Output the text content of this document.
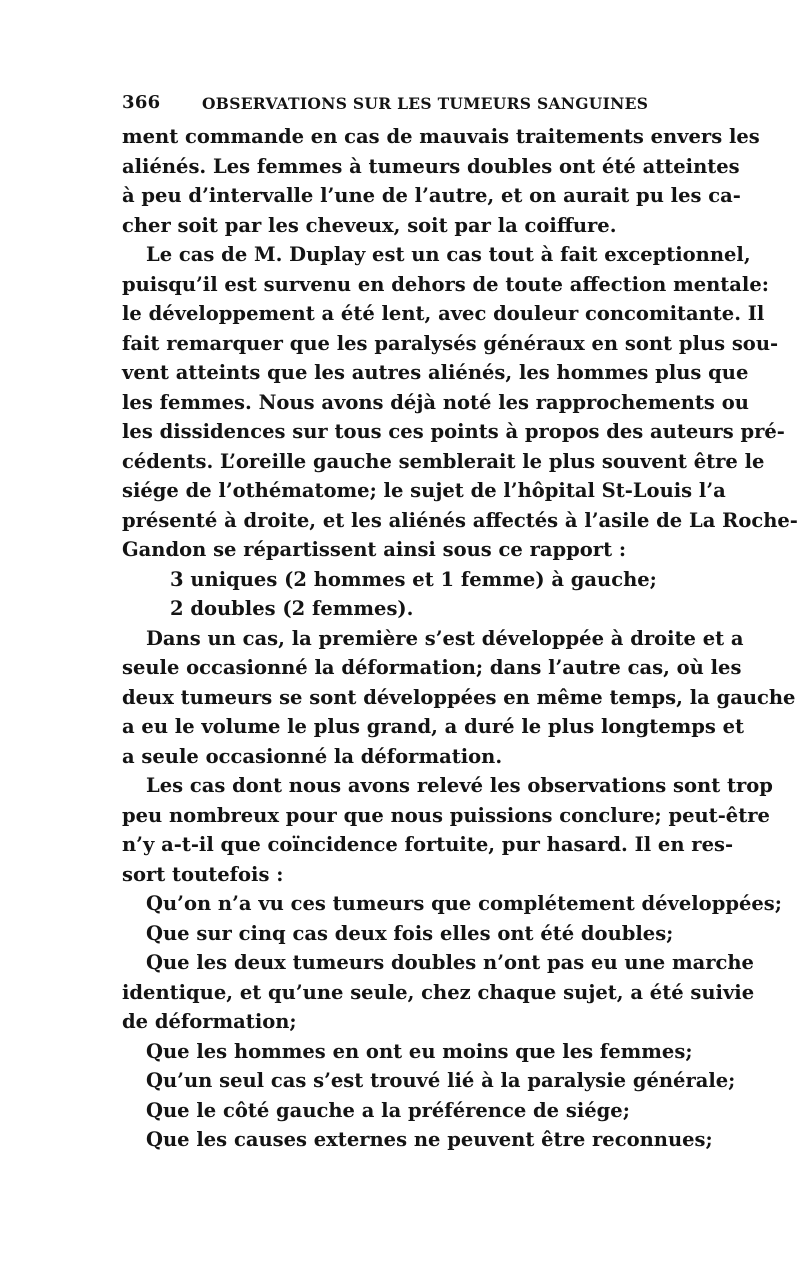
366	OBSERVATIONS SUR LES TUMEURS SANGUINES
ment commande en cas de mauvais traitements envers les
aliénés. Les femmes à tumeurs doubles ont été atteintes
à peu d’intervalle l’une de l’autre, et on aurait pu les ca-
cher soit par les cheveux, soit par la coiffure.
Le cas de M. Duplay est un cas tout à fait exceptionnel,
puisqu’il est survenu en dehors de toute affection mentale:
le développement a été lent, avec douleur concomitante. Il
fait remarquer que les paralysés généraux en sont plus sou-
vent atteints que les autres aliénés, les hommes plus que
les femmes. Nous avons déjà noté les rapprochements ou
les dissidences sur tous ces points à propos des auteurs pré-
cédents. L’oreille gauche semblerait le plus souvent être le
siége de l’othématome; le sujet de l’hôpital St-Louis l’a
présenté à droite, et les aliénés affectés à l’asile de La Roche-
Gandon se répartissent ainsi sous ce rapport :
3 uniques (2 hommes et 1 femme) à gauche;
2 doubles (2 femmes).
Dans un cas, la première s’est développée à droite et a
seule occasionné la déformation; dans l’autre cas, où les
deux tumeurs se sont développées en même temps, la gauche
a eu le volume le plus grand, a duré le plus longtemps et
a seule occasionné la déformation.
Les cas dont nous avons relevé les observations sont trop
peu nombreux pour que nous puissions conclure; peut-être
n’y a-t-il que coïncidence fortuite, pur hasard. Il en res-
sort toutefois :
Qu’on n’a vu ces tumeurs que complétement développées;
Que sur cinq cas deux fois elles ont été doubles;
Que les deux tumeurs doubles n’ont pas eu une marche
identique, et qu’une seule, chez chaque sujet, a été suivie
de déformation;
Que les hommes en ont eu moins que les femmes;
Qu’un seul cas s’est trouvé lié à la paralysie générale;
Que le côté gauche a la préférence de siége;
Que les causes externes ne peuvent être reconnues;
